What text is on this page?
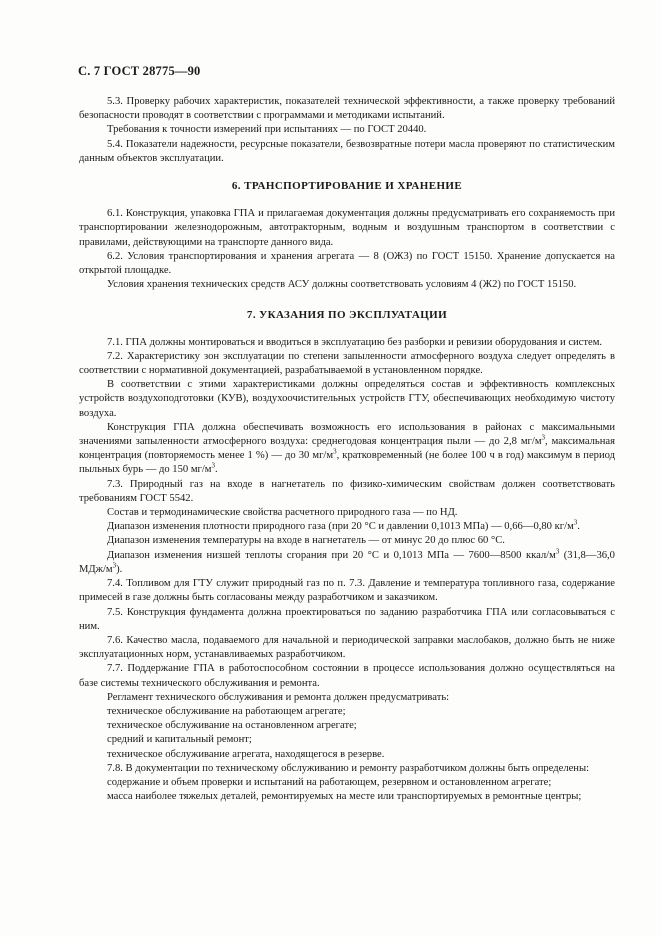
С. 7 ГОСТ 28775—90

5.3. Проверку рабочих характеристик, показателей технической эффективности, а также проверку требований безопасности проводят в соответствии с программами и методиками испытаний.

Требования к точности измерений при испытаниях — по ГОСТ 20440.

5.4. Показатели надежности, ресурсные показатели, безвозвратные потери масла проверяют по статистическим данным объектов эксплуатации.

6. ТРАНСПОРТИРОВАНИЕ И ХРАНЕНИЕ

6.1. Конструкция, упаковка ГПА и прилагаемая документация должны предусматривать его сохраняемость при транспортировании железнодорожным, автотракторным, водным и воздушным транспортом в соответствии с правилами, действующими на транспорте данного вида.

6.2. Условия транспортирования и хранения агрегата — 8 (ОЖ3) по ГОСТ 15150. Хранение допускается на открытой площадке.

Условия хранения технических средств АСУ должны соответствовать условиям 4 (Ж2) по ГОСТ 15150.

7. УКАЗАНИЯ ПО ЭКСПЛУАТАЦИИ

7.1. ГПА должны монтироваться и вводиться в эксплуатацию без разборки и ревизии оборудования и систем.

7.2. Характеристику зон эксплуатации по степени запыленности атмосферного воздуха следует определять в соответствии с нормативной документацией, разрабатываемой в установленном порядке.

В соответствии с этими характеристиками должны определяться состав и эффективность комплексных устройств воздухоподготовки (КУВ), воздухоочистительных устройств ГТУ, обеспечивающих необходимую чистоту воздуха.

Конструкция ГПА должна обеспечивать возможность его использования в районах с максимальными значениями запыленности атмосферного воздуха: среднегодовая концентрация пыли — до 2,8 $мг/м^3$, максимальная концентрация (повторяемость менее 1 %) — до 30 $мг/м^3$, кратковременный (не более 100 ч в год) максимум в период пыльных бурь — до 150 $мг/м^3$.

7.3. Природный газ на входе в нагнетатель по физико-химическим свойствам должен соответствовать требованиям ГОСТ 5542.

Состав и термодинамические свойства расчетного природного газа — по НД.

Диапазон изменения плотности природного газа (при 20 °С и давлении 0,1013 МПа) — 0,66—0,80 $кг/м^3$.

Диапазон изменения температуры на входе в нагнетатель — от минус 20 до плюс 60 °С.

Диапазон изменения низшей теплоты сгорания при 20 °С и 0,1013 МПа — 7600—8500 ккал/$м^3$ (31,8—36,0 МДж/$м^3$).

7.4. Топливом для ГТУ служит природный газ по п. 7.3. Давление и температура топливного газа, содержание примесей в газе должны быть согласованы между разработчиком и заказчиком.

7.5. Конструкция фундамента должна проектироваться по заданию разработчика ГПА или согласовываться с ним.

7.6. Качество масла, подаваемого для начальной и периодической заправки маслобаков, должно быть не ниже эксплуатационных норм, устанавливаемых разработчиком.

7.7. Поддержание ГПА в работоспособном состоянии в процессе использования должно осуществляться на базе системы технического обслуживания и ремонта.

Регламент технического обслуживания и ремонта должен предусматривать:

техническое обслуживание на работающем агрегате;

техническое обслуживание на остановленном агрегате;

средний и капитальный ремонт;

техническое обслуживание агрегата, находящегося в резерве.

7.8. В документации по техническому обслуживанию и ремонту разработчиком должны быть определены:

содержание и объем проверки и испытаний на работающем, резервном и остановленном агрегате;

масса наиболее тяжелых деталей, ремонтируемых на месте или транспортируемых в ремонтные центры;
